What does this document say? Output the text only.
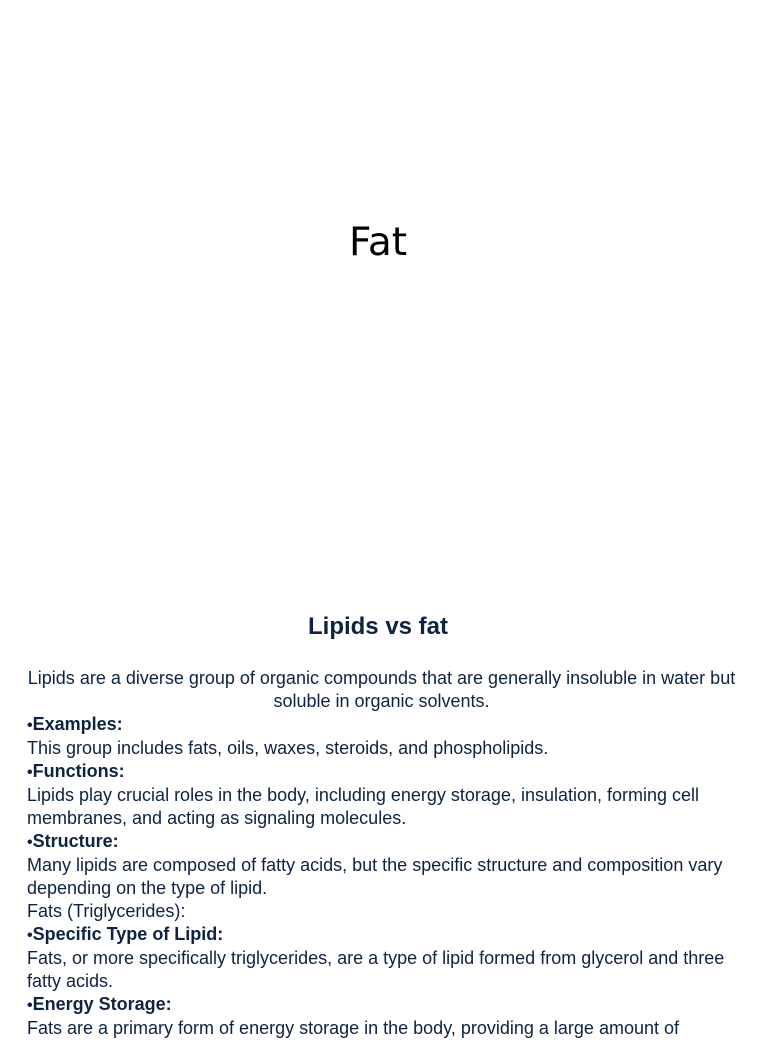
Fat
Lipids vs fat

Lipids are a diverse group of organic compounds that are generally insoluble in water but soluble in organic solvents.

•Examples:

This group includes fats, oils, waxes, steroids, and phospholipids.

•Functions:

Lipids play crucial roles in the body, including energy storage, insulation, forming cell membranes, and acting as signaling molecules.

•Structure:

Many lipids are composed of fatty acids, but the specific structure and composition vary depending on the type of lipid.

Fats (Triglycerides):

•Specific Type of Lipid:

Fats, or more specifically triglycerides, are a type of lipid formed from glycerol and three fatty acids.

•Energy Storage:

Fats are a primary form of energy storage in the body, providing a large amount of
